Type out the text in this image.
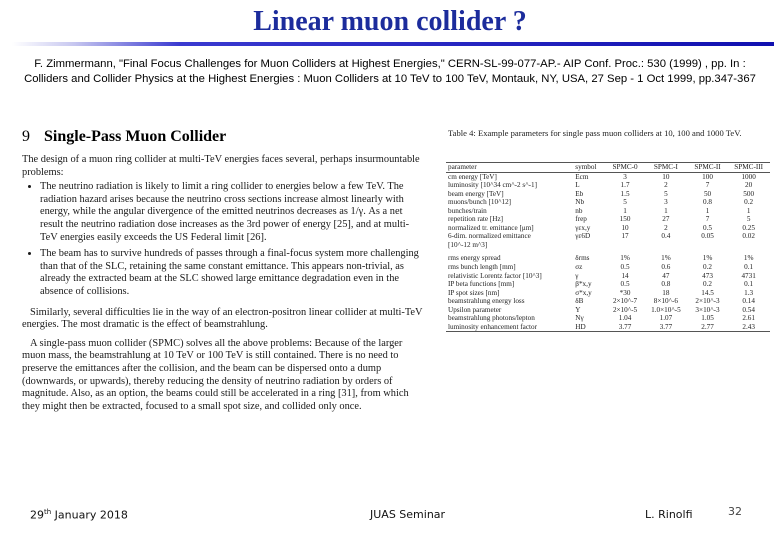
Linear muon collider ?
F. Zimmermann, "Final Focus Challenges for Muon Colliders at Highest Energies," CERN-SL-99-077-AP.- AIP Conf. Proc.: 530 (1999) , pp. In : Colliders and Collider Physics at the Highest Energies : Muon Colliders at 10 TeV to 100 TeV, Montauk, NY, USA, 27 Sep - 1 Oct 1999, pp.347-367
9 Single-Pass Muon Collider

The design of a muon ring collider at multi-TeV energies faces several, perhaps insurmountable problems:

• The neutrino radiation is likely to limit a ring collider to energies below a few TeV. The radiation hazard arises because the neutrino cross sections increase almost linearly with energy, while the angular divergence of the emitted neutrinos decreases as 1/γ. As a net result the neutrino radiation dose increases as the 3rd power of energy [25], and at multi-TeV energies easily exceeds the US Federal limit [26].
• The beam has to survive hundreds of passes through a final-focus system more challenging than that of the SLC, retaining the same constant emittance. This appears non-trivial, as already the extracted beam at the SLC showed large emittance degradation even in the absence of collisions.

Similarly, several difficulties lie in the way of an electron-positron linear collider at multi-TeV energies. The most dramatic is the effect of beamstrahlung.

A single-pass muon collider (SPMC) solves all the above problems: Because of the larger muon mass, the beamstrahlung at 10 TeV or 100 TeV is still contained. There is no need to preserve the emittances after the collision, and the beam can be dispersed onto a dump (downwards, or upwards), thereby reducing the density of neutrino radiation by orders of magnitude. Also, as an option, the beams could still be accelerated in a ring [31], from which they might then be extracted, focused to a small spot size, and collided only once.

Table 4: Example parameters for single pass muon colliders at 10, 100 and 1000 TeV.
parameter	symbol	SPMC-0	SPMC-I	SPMC-II	SPMC-III
cm energy [TeV]	Ecm	3	10	100	1000
luminosity [10^34 cm^-2 s^-1]	L	1.7	2	7	20
beam energy [TeV]	Eb	1.5	5	50	500
muons/bunch [10^12]	Nb	5	3	0.8	0.2
bunches/train	nb	1	1	1	1
repetition rate [Hz]	frep	150	27	7	5
normalized tr. emittance [μm]	γεx,y	10	2	0.5	0.25
6-dim. normalized emittance	γε6D	17	0.4	0.05	0.02
[10^-12 m^3]					
rms energy spread	δrms	1%	1%	1%	1%
rms bunch length [mm]	σz	0.5	0.6	0.2	0.1
relativistic Lorentz factor [10^3]	γ	14	47	473	4731
IP beta functions [mm]	β*x,y	0.5	0.8	0.2	0.1
IP spot sizes [nm]	σ*x,y	*30	18	14.5	1.3
beamstrahlung energy loss	δB	2×10^-7	8×10^-6	2×10^-3	0.14
Upsilon parameter	Υ	2×10^-5	1.0×10^-5	3×10^-3	0.54
beamstrahlung photons/lepton	Nγ	1.04	1.07	1.05	2.61
luminosity enhancement factor	HD	3.77	3.77	2.77	2.43
29th January 2018	JUAS Seminar	L. Rinolfi	32
